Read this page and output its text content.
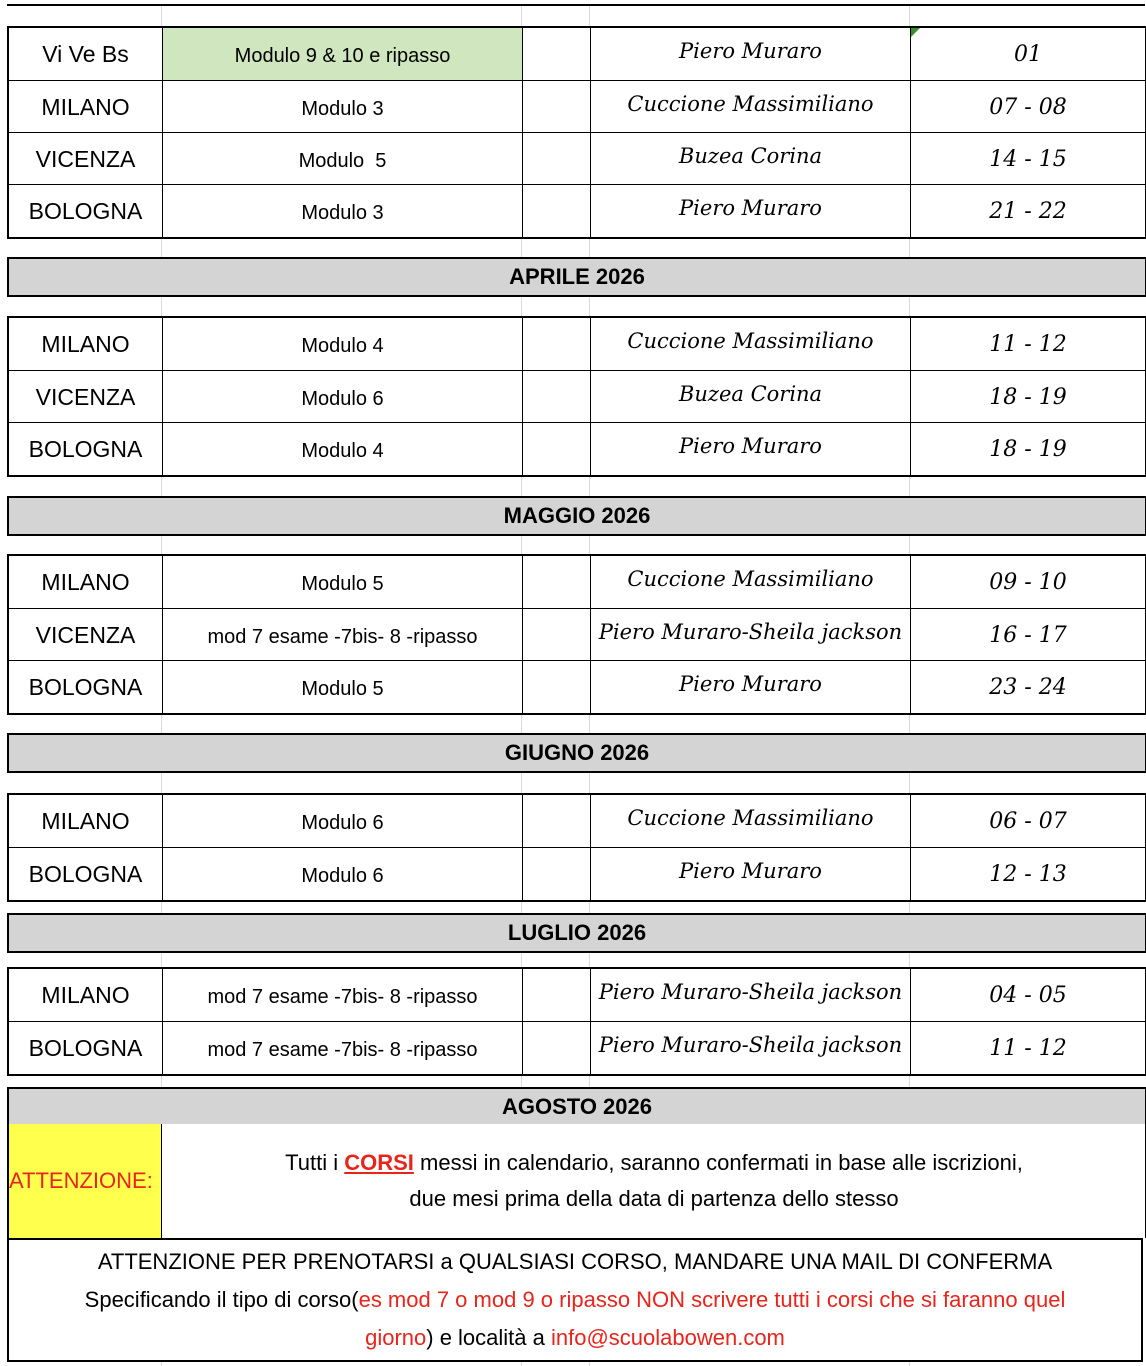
Vi Ve Bs	Modulo 9 & 10 e ripasso	Piero Muraro	01
MILANO	Modulo 3	Cuccione Massimiliano	07 - 08
VICENZA	Modulo  5	Buzea Corina	14 - 15
BOLOGNA	Modulo 3	Piero Muraro	21 - 22
APRILE 2026
MILANO	Modulo 4	Cuccione Massimiliano	11 - 12
VICENZA	Modulo 6	Buzea Corina	18 - 19
BOLOGNA	Modulo 4	Piero Muraro	18 - 19
MAGGIO 2026
MILANO	Modulo 5	Cuccione Massimiliano	09 - 10
VICENZA	mod 7 esame -7bis- 8 -ripasso	Piero Muraro-Sheila jackson	16 - 17
BOLOGNA	Modulo 5	Piero Muraro	23 - 24
GIUGNO 2026
MILANO	Modulo 6	Cuccione Massimiliano	06 - 07
BOLOGNA	Modulo 6	Piero Muraro	12 - 13
LUGLIO 2026
MILANO	mod 7 esame -7bis- 8 -ripasso	Piero Muraro-Sheila jackson	04 - 05
BOLOGNA	mod 7 esame -7bis- 8 -ripasso	Piero Muraro-Sheila jackson	11 - 12
AGOSTO 2026
ATTENZIONE:
Tutti i CORSI messi in calendario, saranno confermati in base alle iscrizioni,
due mesi prima della data di partenza dello stesso
ATTENZIONE PER PRENOTARSI a QUALSIASI CORSO, MANDARE UNA MAIL DI CONFERMA
Specificando il tipo di corso(es mod 7 o mod 9 o ripasso NON scrivere tutti i corsi che si faranno quel
giorno) e località a info@scuolabowen.com
